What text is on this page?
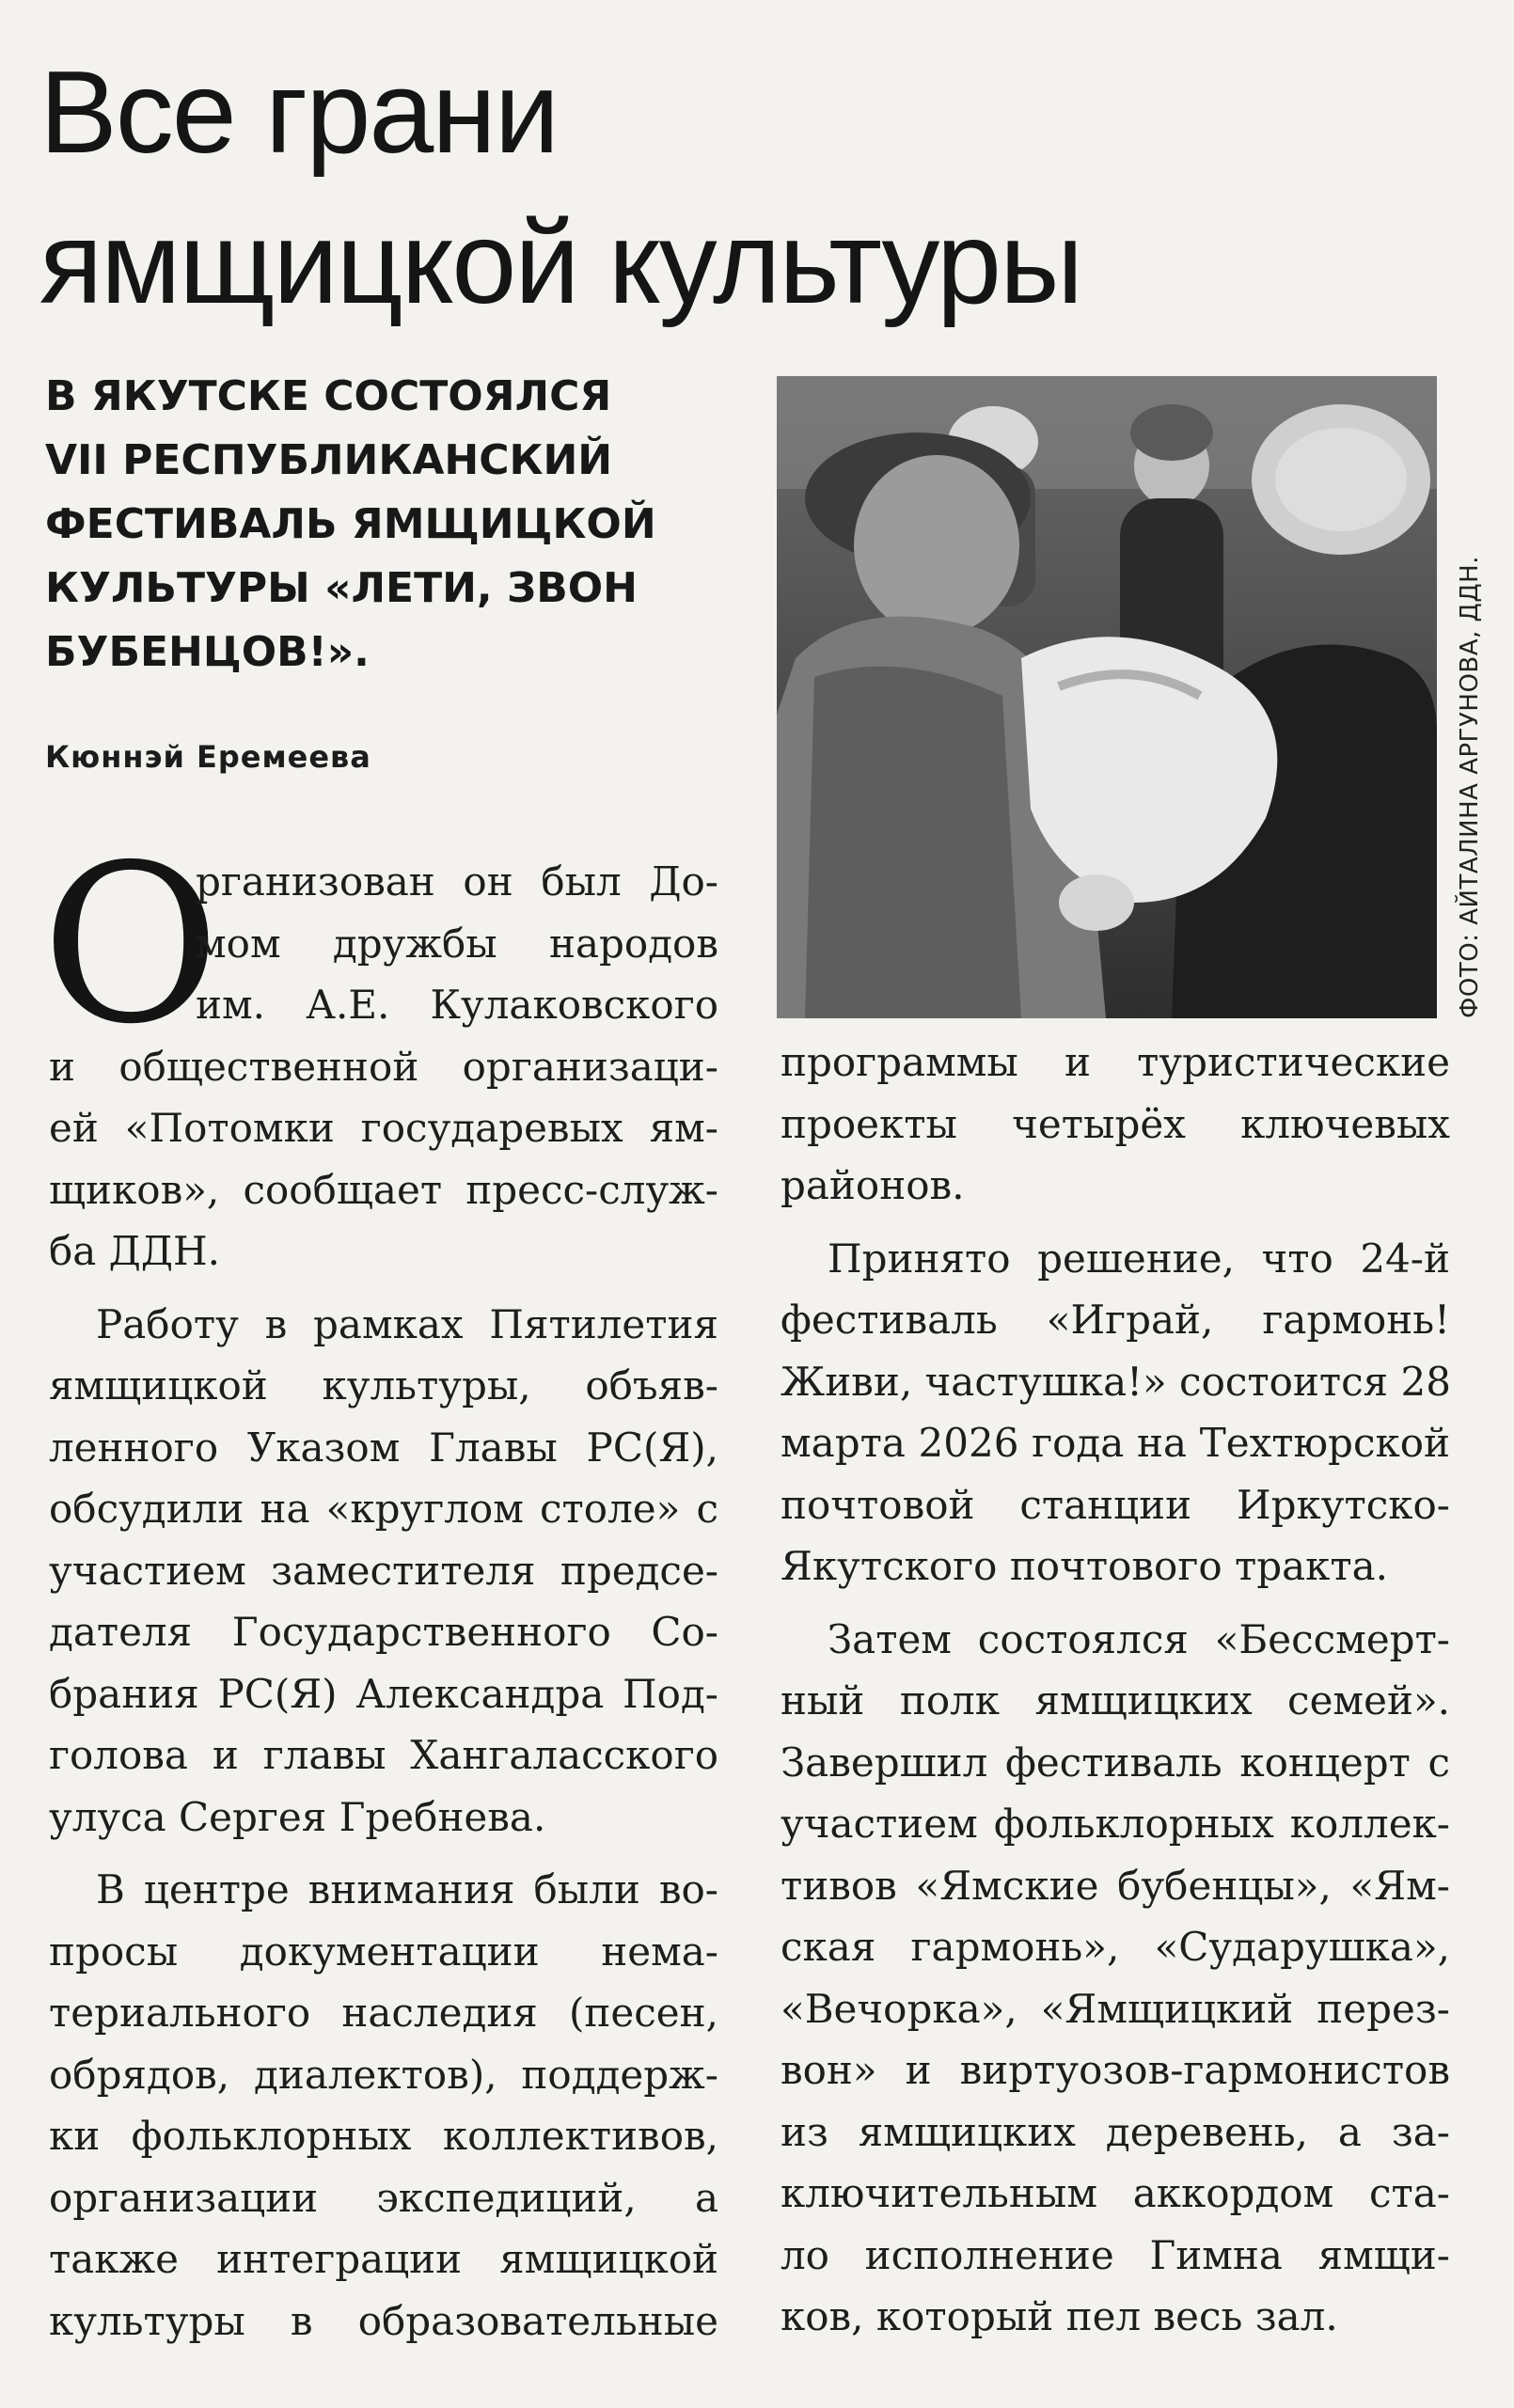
Все грани
ямщицкой культуры
В ЯКУТСКЕ СОСТОЯЛСЯ
VII РЕСПУБЛИКАНСКИЙ
ФЕСТИВАЛЬ ЯМЩИЦКОЙ
КУЛЬТУРЫ «ЛЕТИ, ЗВОН
БУБЕНЦОВ!».
Кюннэй Еремеева	ФОТО: АЙТАЛИНА АРГУНОВА, ДДН.
О

рганизован он был До-
мом дружбы народов
им. А.Е. Кулаковского
и общественной организаци-
ей «Потомки государевых ям-
щиков», сообщает пресс-служ-
ба ДДН.

Работу в рамках Пятилетия
ямщицкой культуры, объяв-
ленного Указом Главы РС(Я),
обсудили на «круглом столе» с
участием заместителя предсе-
дателя Государственного Со-
брания РС(Я) Александра Под-
голова и главы Хангаласского
улуса Сергея Гребнева.

В центре внимания были во-
просы документации нема-
териального наследия (песен,
обрядов, диалектов), поддерж-
ки фольклорных коллективов,
организации экспедиций, а
также интеграции ямщицкой
культуры в образовательные

программы и туристические
проекты четырёх ключевых
районов.

Принято решение, что 24-й
фестиваль «Играй, гармонь!
Живи, частушка!» состоится 28
марта 2026 года на Техтюрской
почтовой станции Иркутско-
Якутского почтового тракта.

Затем состоялся «Бессмерт-
ный полк ямщицких семей».
Завершил фестиваль концерт с
участием фольклорных коллек-
тивов «Ямские бубенцы», «Ям-
ская гармонь», «Сударушка»,
«Вечорка», «Ямщицкий перез-
вон» и виртуозов-гармонистов
из ямщицких деревень, а за-
ключительным аккордом ста-
ло исполнение Гимна ямщи-
ков, который пел весь зал.
